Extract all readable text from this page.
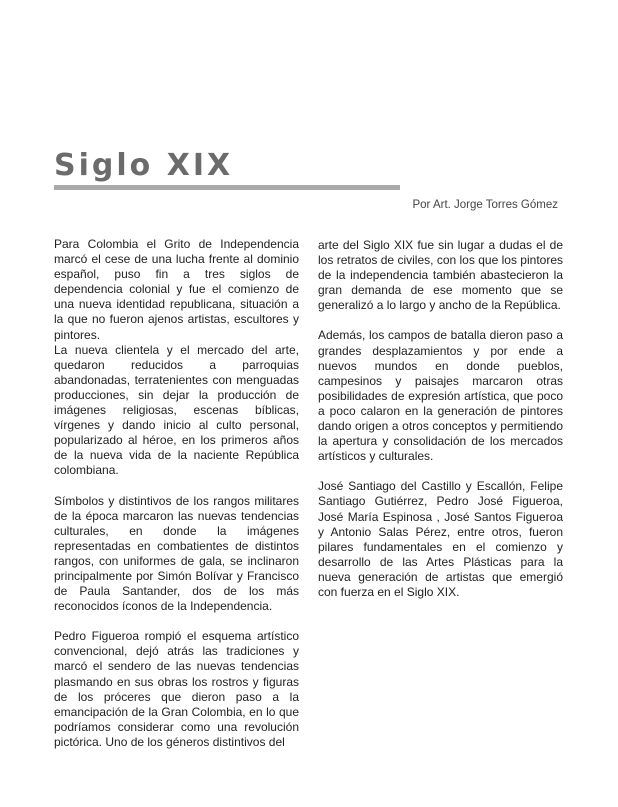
Siglo XIX
Por Art. Jorge Torres Gómez

Para Colombia el Grito de Independencia marcó el cese de una lucha frente al dominio español, puso fin a tres siglos de dependencia colonial y fue el comienzo de una nueva identidad republicana, situación a la que no fueron ajenos artistas, escultores y pintores.

La nueva clientela y el mercado del arte, quedaron reducidos a parroquias abandonadas, terratenientes con menguadas producciones, sin dejar la producción de imágenes religiosas, escenas bíblicas, vírgenes y dando inicio al culto personal, popularizado al héroe, en los primeros años de la nueva vida de la naciente República colombiana.

Símbolos y distintivos de los rangos militares de la época marcaron las nuevas tendencias culturales, en donde la imágenes representadas en combatientes de distintos rangos, con uniformes de gala, se inclinaron principalmente por Simón Bolívar y Francisco de Paula Santander, dos de los más reconocidos íconos de la Independencia.

Pedro Figueroa rompió el esquema artístico convencional, dejó atrás las tradiciones y marcó el sendero de las nuevas tendencias plasmando en sus obras los rostros y figuras de los próceres que dieron paso a la emancipación de la Gran Colombia, en lo que podríamos considerar como una revolución pictórica. Uno de los géneros distintivos del

arte del Siglo XIX fue sin lugar a dudas el de los retratos de civiles, con los que los pintores de la independencia también abastecieron la gran demanda de ese momento que se generalizó a lo largo y ancho de la República.

Además, los campos de batalla dieron paso a grandes desplazamientos y por ende a nuevos mundos en donde pueblos, campesinos y paisajes marcaron otras posibilidades de expresión artística, que poco a poco calaron en la generación de pintores dando origen a otros conceptos y permitiendo la apertura y consolidación de los mercados artísticos y culturales.

José Santiago del Castillo y Escallón, Felipe Santiago Gutiérrez, Pedro José Figueroa, José María Espinosa , José Santos Figueroa y Antonio Salas Pérez, entre otros, fueron pilares fundamentales en el comienzo y desarrollo de las Artes Plásticas para la nueva generación de artistas que emergió con fuerza en el Siglo XIX.
